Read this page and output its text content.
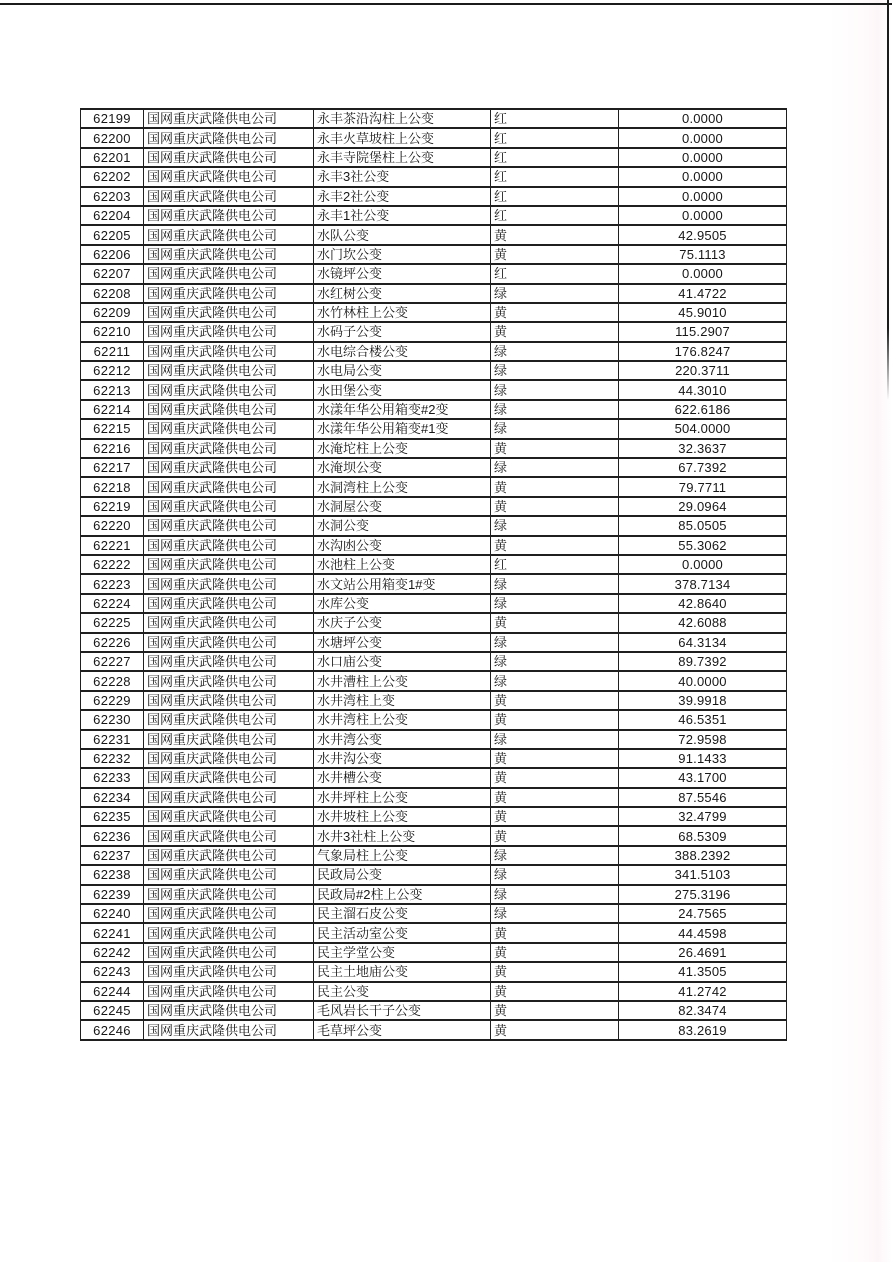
62199	国网重庆武隆供电公司	永丰茶沿沟柱上公变	红	0.0000
62200	国网重庆武隆供电公司	永丰火草坡柱上公变	红	0.0000
62201	国网重庆武隆供电公司	永丰寺院堡柱上公变	红	0.0000
62202	国网重庆武隆供电公司	永丰3社公变	红	0.0000
62203	国网重庆武隆供电公司	永丰2社公变	红	0.0000
62204	国网重庆武隆供电公司	永丰1社公变	红	0.0000
62205	国网重庆武隆供电公司	水队公变	黄	42.9505
62206	国网重庆武隆供电公司	水门坎公变	黄	75.1113
62207	国网重庆武隆供电公司	水镜坪公变	红	0.0000
62208	国网重庆武隆供电公司	水红树公变	绿	41.4722
62209	国网重庆武隆供电公司	水竹林柱上公变	黄	45.9010
62210	国网重庆武隆供电公司	水码子公变	黄	115.2907
62211	国网重庆武隆供电公司	水电综合楼公变	绿	176.8247
62212	国网重庆武隆供电公司	水电局公变	绿	220.3711
62213	国网重庆武隆供电公司	水田堡公变	绿	44.3010
62214	国网重庆武隆供电公司	水漾年华公用箱变#2变	绿	622.6186
62215	国网重庆武隆供电公司	水漾年华公用箱变#1变	绿	504.0000
62216	国网重庆武隆供电公司	水淹坨柱上公变	黄	32.3637
62217	国网重庆武隆供电公司	水淹坝公变	绿	67.7392
62218	国网重庆武隆供电公司	水洞湾柱上公变	黄	79.7711
62219	国网重庆武隆供电公司	水洞屋公变	黄	29.0964
62220	国网重庆武隆供电公司	水洞公变	绿	85.0505
62221	国网重庆武隆供电公司	水沟凼公变	黄	55.3062
62222	国网重庆武隆供电公司	水池柱上公变	红	0.0000
62223	国网重庆武隆供电公司	水文站公用箱变1#变	绿	378.7134
62224	国网重庆武隆供电公司	水库公变	绿	42.8640
62225	国网重庆武隆供电公司	水庆子公变	黄	42.6088
62226	国网重庆武隆供电公司	水塘坪公变	绿	64.3134
62227	国网重庆武隆供电公司	水口庙公变	绿	89.7392
62228	国网重庆武隆供电公司	水井漕柱上公变	绿	40.0000
62229	国网重庆武隆供电公司	水井湾柱上变	黄	39.9918
62230	国网重庆武隆供电公司	水井湾柱上公变	黄	46.5351
62231	国网重庆武隆供电公司	水井湾公变	绿	72.9598
62232	国网重庆武隆供电公司	水井沟公变	黄	91.1433
62233	国网重庆武隆供电公司	水井槽公变	黄	43.1700
62234	国网重庆武隆供电公司	水井坪柱上公变	黄	87.5546
62235	国网重庆武隆供电公司	水井坡柱上公变	黄	32.4799
62236	国网重庆武隆供电公司	水井3社柱上公变	黄	68.5309
62237	国网重庆武隆供电公司	气象局柱上公变	绿	388.2392
62238	国网重庆武隆供电公司	民政局公变	绿	341.5103
62239	国网重庆武隆供电公司	民政局#2柱上公变	绿	275.3196
62240	国网重庆武隆供电公司	民主溜石皮公变	绿	24.7565
62241	国网重庆武隆供电公司	民主活动室公变	黄	44.4598
62242	国网重庆武隆供电公司	民主学堂公变	黄	26.4691
62243	国网重庆武隆供电公司	民主土地庙公变	黄	41.3505
62244	国网重庆武隆供电公司	民主公变	黄	41.2742
62245	国网重庆武隆供电公司	毛风岩长干子公变	黄	82.3474
62246	国网重庆武隆供电公司	毛草坪公变	黄	83.2619
